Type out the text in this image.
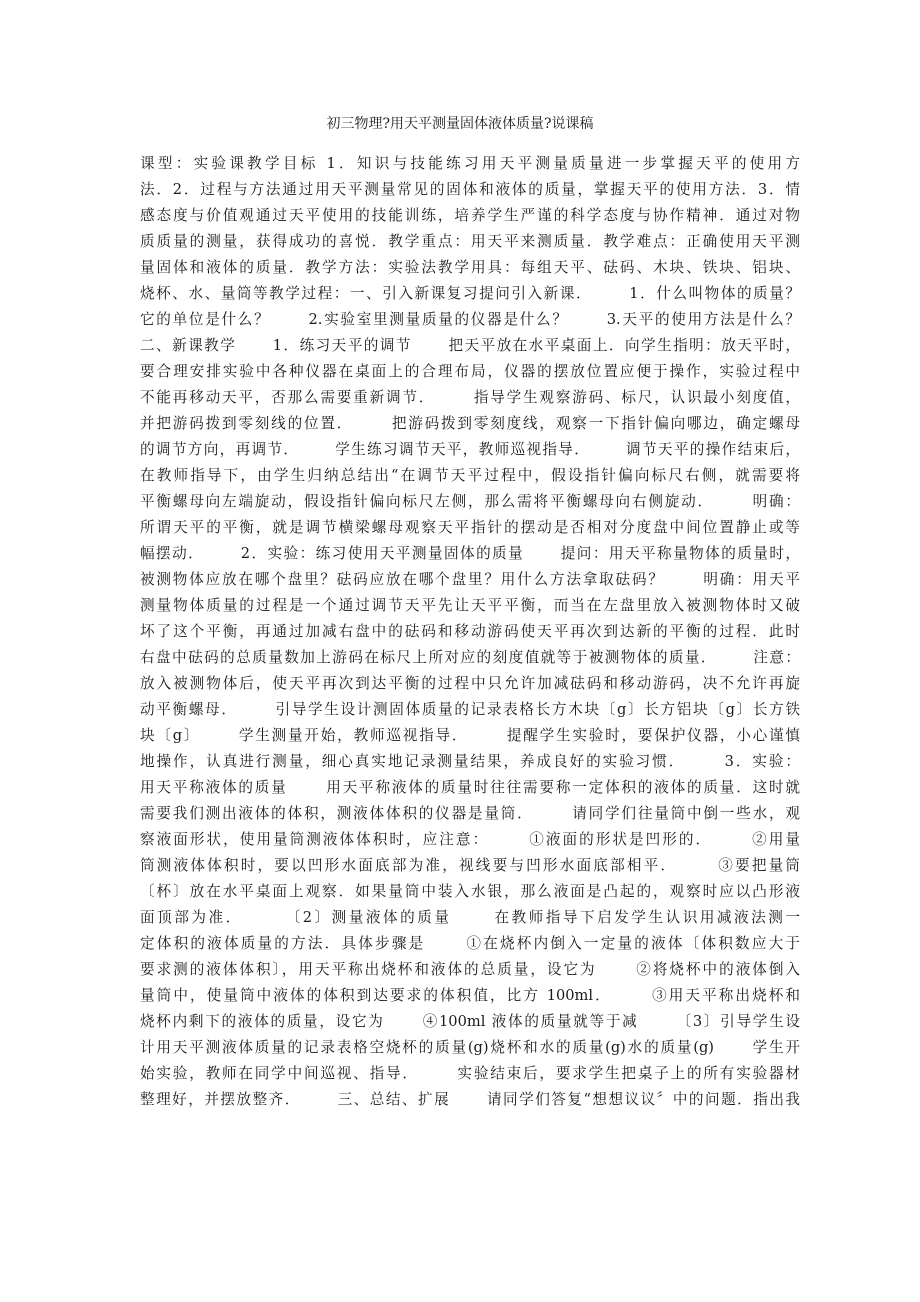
初三物理?用天平测量固体液体质量?说课稿

课型：实验课教学目标 1．知识与技能练习用天平测量质量进一步掌握天平的使用方

法．2．过程与方法通过用天平测量常见的固体和液体的质量，掌握天平的使用方法．3．情

感态度与价值观通过天平使用的技能训练，培养学生严谨的科学态度与协作精神．通过对物

质质量的测量，获得成功的喜悦．教学重点：用天平来测质量．教学难点：正确使用天平测

量固体和液体的质量．教学方法：实验法教学用具：每组天平、砝码、木块、铁块、铝块、

烧杯、水、量筒等教学过程：一、引入新课复习提问引入新课．      1．什么叫物体的质量？

它的单位是什么？      2.实验室里测量质量的仪器是什么？      3.天平的使用方法是什么？

二、新课教学      1．练习天平的调节      把天平放在水平桌面上．向学生指明：放天平时，

要合理安排实验中各种仪器在桌面上的合理布局，仪器的摆放位置应便于操作，实验过程中

不能再移动天平，否那么需要重新调节．      指导学生观察游码、标尺，认识最小刻度值，

并把游码拨到零刻线的位置．      把游码拨到零刻度线，观察一下指针偏向哪边，确定螺母

的调节方向，再调节．      学生练习调节天平，教师巡视指导．      调节天平的操作结束后，

在教师指导下，由学生归纳总结出“在调节天平过程中，假设指针偏向标尺右侧，就需要将

平衡螺母向左端旋动，假设指针偏向标尺左侧，那么需将平衡螺母向右侧旋动．      明确：

所谓天平的平衡，就是调节横梁螺母观察天平指针的摆动是否相对分度盘中间位置静止或等

幅摆动．      2．实验：练习使用天平测量固体的质量      提问：用天平称量物体的质量时，

被测物体应放在哪个盘里？砝码应放在哪个盘里？用什么方法拿取砝码？      明确：用天平

测量物体质量的过程是一个通过调节天平先让天平平衡，而当在左盘里放入被测物体时又破

坏了这个平衡，再通过加减右盘中的砝码和移动游码使天平再次到达新的平衡的过程．此时

右盘中砝码的总质量数加上游码在标尺上所对应的刻度值就等于被测物体的质量．      注意：

放入被测物体后，使天平再次到达平衡的过程中只允许加减砝码和移动游码，决不允许再旋

动平衡螺母．      引导学生设计测固体质量的记录表格长方木块〔g〕长方铝块〔g〕长方铁

块〔g〕      学生测量开始，教师巡视指导．      提醒学生实验时，要保护仪器，小心谨慎

地操作，认真进行测量，细心真实地记录测量结果，养成良好的实验习惯．      3．实验：

用天平称液体的质量      用天平称液体的质量时往往需要称一定体积的液体的质量．这时就

需要我们测出液体的体积，测液体体积的仪器是量筒．      请同学们往量筒中倒一些水，观

察液面形状，使用量筒测液体体积时，应注意：      ①液面的形状是凹形的．      ②用量

筒测液体体积时，要以凹形水面底部为准，视线要与凹形水面底部相平．      ③要把量筒

〔杯〕放在水平桌面上观察．如果量筒中装入水银，那么液面是凸起的，观察时应以凸形液

面顶部为准．      〔2〕测量液体的质量      在教师指导下启发学生认识用减液法测一

定体积的液体质量的方法．具体步骤是      ①在烧杯内倒入一定量的液体〔体积数应大于

要求测的液体体积〕，用天平称出烧杯和液体的总质量，设它为      ②将烧杯中的液体倒入

量筒中，使量筒中液体的体积到达要求的体积值，比方 100ml．      ③用天平称出烧杯和

烧杯内剩下的液体的质量，设它为      ④100ml 液体的质量就等于减      〔3〕引导学生设

计用天平测液体质量的记录表格空烧杯的质量(g)烧杯和水的质量(g)水的质量(g)      学生开

始实验，教师在同学中间巡视、指导．      实验结束后，要求学生把桌子上的所有实验器材

整理好，并摆放整齐．      三、总结、扩展      请同学们答复“想想议议〞中的问题．指出我
